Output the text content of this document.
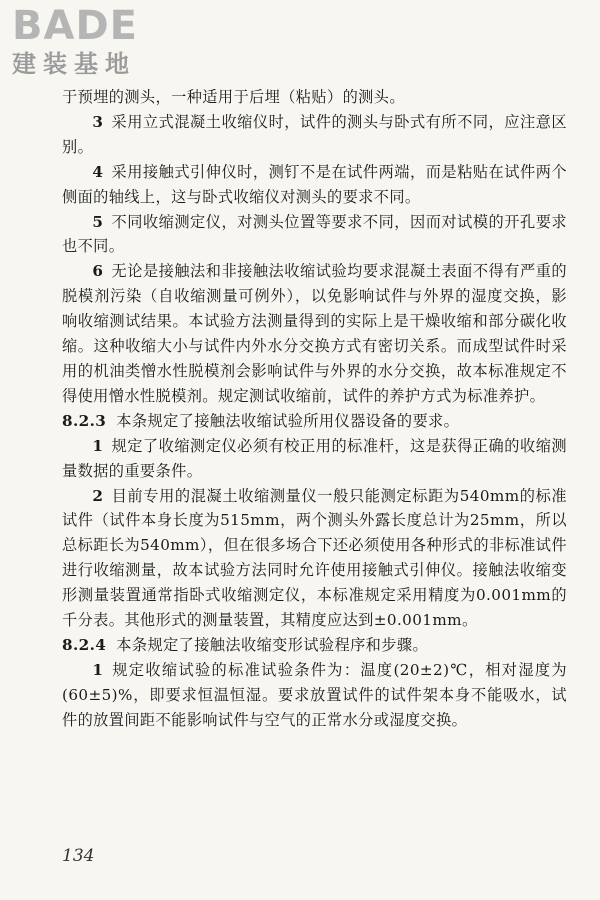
BADE
建装基地

于预埋的测头，一种适用于后埋（粘贴）的测头。

3 采用立式混凝土收缩仪时，试件的测头与卧式有所不同，应注意区别。

4 采用接触式引伸仪时，测钉不是在试件两端，而是粘贴在试件两个侧面的轴线上，这与卧式收缩仪对测头的要求不同。

5 不同收缩测定仪，对测头位置等要求不同，因而对试模的开孔要求也不同。

6 无论是接触法和非接触法收缩试验均要求混凝土表面不得有严重的脱模剂污染（自收缩测量可例外），以免影响试件与外界的湿度交换，影响收缩测试结果。本试验方法测量得到的实际上是干燥收缩和部分碳化收缩。这种收缩大小与试件内外水分交换方式有密切关系。而成型试件时采用的机油类憎水性脱模剂会影响试件与外界的水分交换，故本标准规定不得使用憎水性脱模剂。规定测试收缩前，试件的养护方式为标准养护。

8.2.3 本条规定了接触法收缩试验所用仪器设备的要求。

1 规定了收缩测定仪必须有校正用的标准杆，这是获得正确的收缩测量数据的重要条件。

2 目前专用的混凝土收缩测量仪一般只能测定标距为540mm的标准试件（试件本身长度为515mm，两个测头外露长度总计为25mm，所以总标距长为540mm），但在很多场合下还必须使用各种形式的非标准试件进行收缩测量，故本试验方法同时允许使用接触式引伸仪。接触法收缩变形测量装置通常指卧式收缩测定仪，本标准规定采用精度为0.001mm的千分表。其他形式的测量装置，其精度应达到±0.001mm。

8.2.4 本条规定了接触法收缩变形试验程序和步骤。

1 规定收缩试验的标准试验条件为：温度(20±2)℃，相对湿度为(60±5)%，即要求恒温恒湿。要求放置试件的试件架本身不能吸水，试件的放置间距不能影响试件与空气的正常水分或湿度交换。

134
